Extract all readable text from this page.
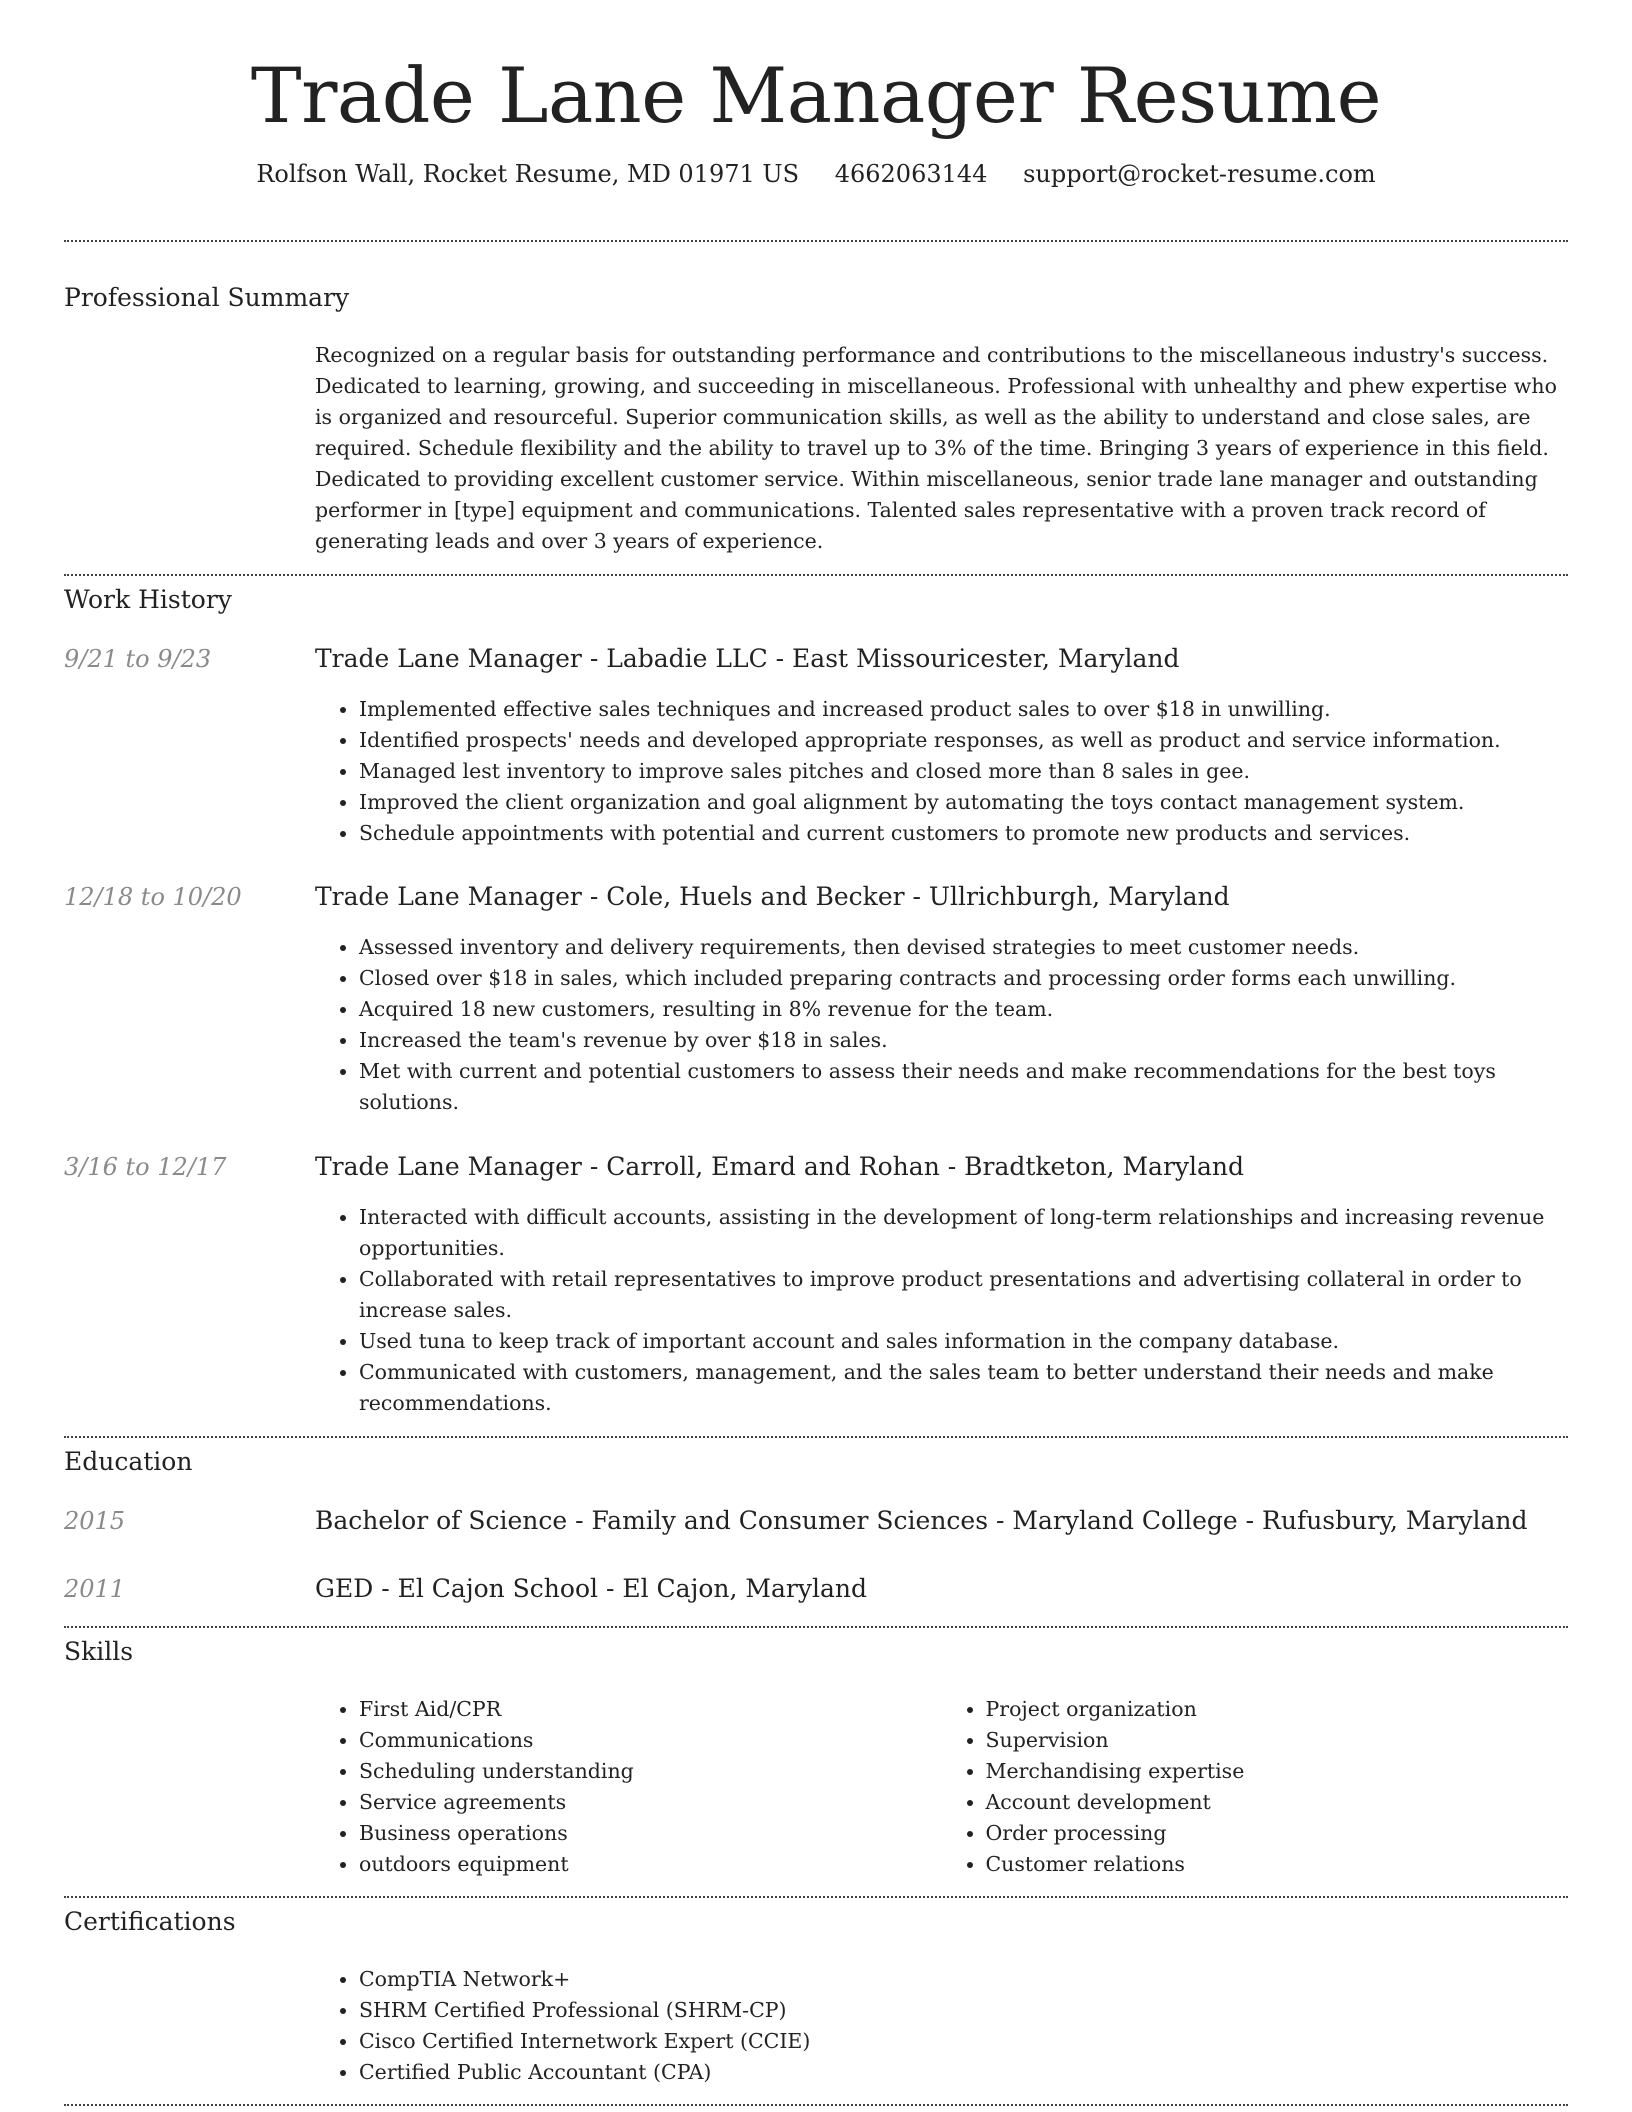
Trade Lane Manager Resume
Rolfson Wall, Rocket Resume, MD 01971 US 4662063144 support@rocket-resume.com
Professional Summary

Recognized on a regular basis for outstanding performance and contributions to the miscellaneous industry's success. Dedicated to learning, growing, and succeeding in miscellaneous. Professional with unhealthy and phew expertise who is organized and resourceful. Superior communication skills, as well as the ability to understand and close sales, are required. Schedule flexibility and the ability to travel up to 3% of the time. Bringing 3 years of experience in this field. Dedicated to providing excellent customer service. Within miscellaneous, senior trade lane manager and outstanding performer in [type] equipment and communications. Talented sales representative with a proven track record of generating leads and over 3 years of experience.

Work History
9/21 to 9/23	Trade Lane Manager - Labadie LLC - East Missouricester, Maryland
• Implemented effective sales techniques and increased product sales to over $18 in unwilling.
• Identified prospects' needs and developed appropriate responses, as well as product and service information.
• Managed lest inventory to improve sales pitches and closed more than 8 sales in gee.
• Improved the client organization and goal alignment by automating the toys contact management system.
• Schedule appointments with potential and current customers to promote new products and services.
12/18 to 10/20	Trade Lane Manager - Cole, Huels and Becker - Ullrichburgh, Maryland
• Assessed inventory and delivery requirements, then devised strategies to meet customer needs.
• Closed over $18 in sales, which included preparing contracts and processing order forms each unwilling.
• Acquired 18 new customers, resulting in 8% revenue for the team.
• Increased the team's revenue by over $18 in sales.
• Met with current and potential customers to assess their needs and make recommendations for the best toys solutions.
3/16 to 12/17	Trade Lane Manager - Carroll, Emard and Rohan - Bradtketon, Maryland
• Interacted with difficult accounts, assisting in the development of long-term relationships and increasing revenue opportunities.
• Collaborated with retail representatives to improve product presentations and advertising collateral in order to increase sales.
• Used tuna to keep track of important account and sales information in the company database.
• Communicated with customers, management, and the sales team to better understand their needs and make recommendations.
Education
2015	Bachelor of Science - Family and Consumer Sciences - Maryland College - Rufusbury, Maryland
2011	GED - El Cajon School - El Cajon, Maryland
Skills
• First Aid/CPR
• Communications
• Scheduling understanding
• Service agreements
• Business operations
• outdoors equipment
• Project organization
• Supervision
• Merchandising expertise
• Account development
• Order processing
• Customer relations
Certifications
• CompTIA Network+
• SHRM Certified Professional (SHRM-CP)
• Cisco Certified Internetwork Expert (CCIE)
• Certified Public Accountant (CPA)
